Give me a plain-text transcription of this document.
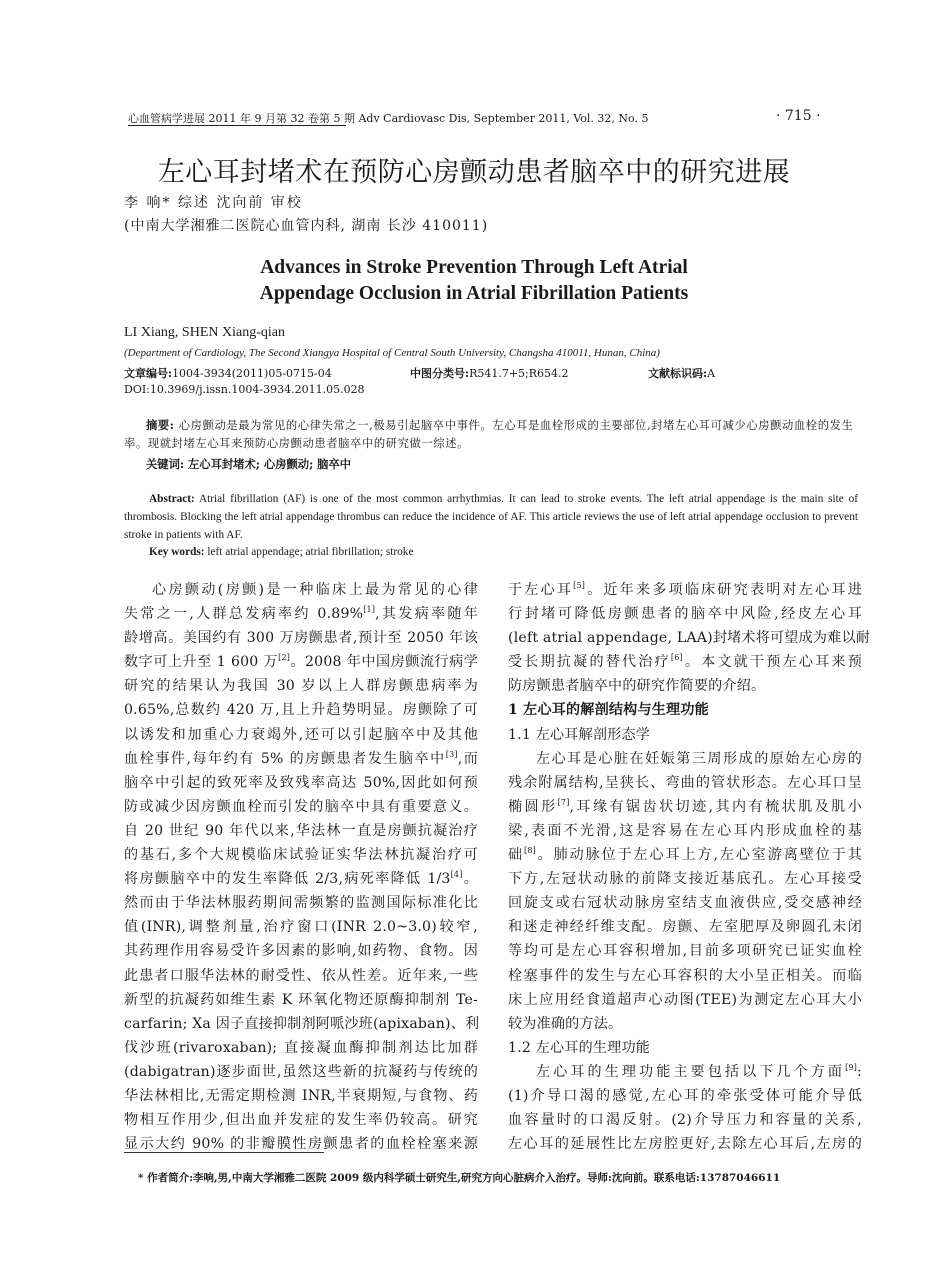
心血管病学进展 2011 年 9 月第 32 卷第 5 期 Adv Cardiovasc Dis, September 2011, Vol. 32, No. 5	· 715 ·
左心耳封堵术在预防心房颤动患者脑卒中的研究进展
李 响* 综述 沈向前 审校
(中南大学湘雅二医院心血管内科, 湖南 长沙 410011)
Advances in Stroke Prevention Through Left Atrial
Appendage Occlusion in Atrial Fibrillation Patients
LI Xiang, SHEN Xiang-qian
(Department of Cardiology, The Second Xiangya Hospital of Central South University, Changsha 410011, Hunan, China)
文章编号:1004-3934(2011)05-0715-04	中图分类号:R541.7+5;R654.2	文献标识码:A
DOI:10.3969/j.issn.1004-3934.2011.05.028
摘要: 心房颤动是最为常见的心律失常之一,极易引起脑卒中事件。左心耳是血栓形成的主要部位,封堵左心耳可减少心房颤动血栓的发生率。现就封堵左心耳来预防心房颤动患者脑卒中的研究做一综述。
关键词: 左心耳封堵术; 心房颤动; 脑卒中
Abstract: Atrial fibrillation (AF) is one of the most common arrhythmias. It can lead to stroke events. The left atrial appendage is the main site of thrombosis. Blocking the left atrial appendage thrombus can reduce the incidence of AF. This article reviews the use of left atrial appendage occlusion to prevent stroke in patients with AF.
Key words: left atrial appendage; atrial fibrillation; stroke
心房颤动(房颤)是一种临床上最为常见的心律
失常之一,人群总发病率约 0.89%[1],其发病率随年
龄增高。美国约有 300 万房颤患者,预计至 2050 年该
数字可上升至 1 600 万[2]。2008 年中国房颤流行病学
研究的结果认为我国 30 岁以上人群房颤患病率为
0.65%,总数约 420 万,且上升趋势明显。房颤除了可
以诱发和加重心力衰竭外,还可以引起脑卒中及其他
血栓事件,每年约有 5% 的房颤患者发生脑卒中[3],而
脑卒中引起的致死率及致残率高达 50%,因此如何预
防或减少因房颤血栓而引发的脑卒中具有重要意义。
自 20 世纪 90 年代以来,华法林一直是房颤抗凝治疗
的基石,多个大规模临床试验证实华法林抗凝治疗可
将房颤脑卒中的发生率降低 2/3,病死率降低 1/3[4]。
然而由于华法林服药期间需频繁的监测国际标准化比
值(INR),调整剂量,治疗窗口(INR 2.0~3.0)较窄,
其药理作用容易受许多因素的影响,如药物、食物。因
此患者口服华法林的耐受性、依从性差。近年来,一些
新型的抗凝药如维生素 K 环氧化物还原酶抑制剂 Te-
carfarin; Xa 因子直接抑制剂阿哌沙班(apixaban)、利
伐沙班(rivaroxaban); 直接凝血酶抑制剂达比加群
(dabigatran)逐步面世,虽然这些新的抗凝药与传统的
华法林相比,无需定期检测 INR,半衰期短,与食物、药
物相互作用少,但出血并发症的发生率仍较高。研究
显示大约 90% 的非瓣膜性房颤患者的血栓栓塞来源
于左心耳[5]。近年来多项临床研究表明对左心耳进
行封堵可降低房颤患者的脑卒中风险,经皮左心耳
(left atrial appendage, LAA)封堵术将可望成为难以耐
受长期抗凝的替代治疗[6]。本文就干预左心耳来预
防房颤患者脑卒中的研究作简要的介绍。
1 左心耳的解剖结构与生理功能
1.1 左心耳解剖形态学
左心耳是心脏在妊娠第三周形成的原始左心房的
残余附属结构,呈狭长、弯曲的管状形态。左心耳口呈
椭圆形[7],耳缘有锯齿状切迹,其内有梳状肌及肌小
梁,表面不光滑,这是容易在左心耳内形成血栓的基
础[8]。肺动脉位于左心耳上方,左心室游离壁位于其
下方,左冠状动脉的前降支接近基底孔。左心耳接受
回旋支或右冠状动脉房室结支血液供应,受交感神经
和迷走神经纤维支配。房颤、左室肥厚及卵圆孔未闭
等均可是左心耳容积增加,目前多项研究已证实血栓
栓塞事件的发生与左心耳容积的大小呈正相关。而临
床上应用经食道超声心动图(TEE)为测定左心耳大小
较为准确的方法。
1.2 左心耳的生理功能
左心耳的生理功能主要包括以下几个方面[9]:
(1)介导口渴的感觉,左心耳的牵张受体可能介导低
血容量时的口渴反射。(2)介导压力和容量的关系,
左心耳的延展性比左房腔更好,去除左心耳后,左房的
* 作者简介:李响,男,中南大学湘雅二医院 2009 级内科学硕士研究生,研究方向心脏病介入治疗。导师:沈向前。联系电话:13787046611
